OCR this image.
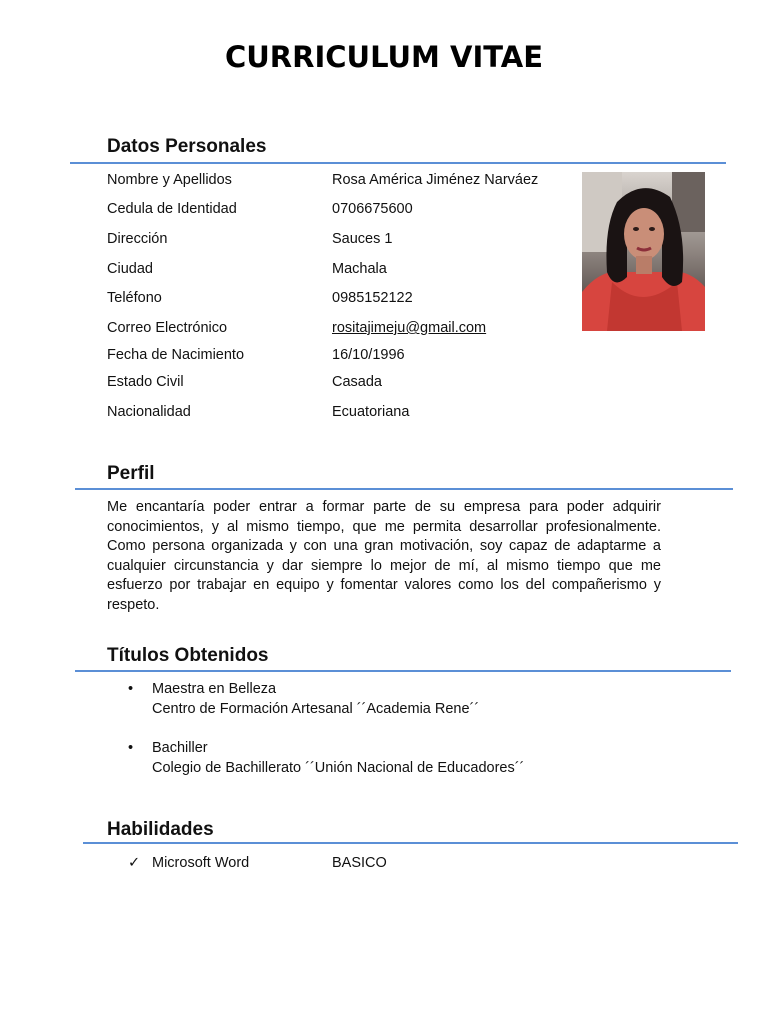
CURRICULUM VITAE
Datos Personales
Nombre y Apellidos	Rosa América Jiménez Narváez
Cedula de Identidad	0706675600
Dirección	Sauces 1
Ciudad	Machala
Teléfono	0985152122
Correo Electrónico	rositajimeju@gmail.com
Fecha de Nacimiento	16/10/1996
Estado Civil	Casada
Nacionalidad	Ecuatoriana
Perfil
Me encantaría poder entrar a formar parte de su empresa para poder adquirir conocimientos, y al mismo tiempo, que me permita desarrollar profesionalmente. Como persona organizada y con una gran motivación, soy capaz de adaptarme a cualquier circunstancia y dar siempre lo mejor de mí, al mismo tiempo que me esfuerzo por trabajar en equipo y fomentar valores como los del compañerismo y respeto.
Títulos Obtenidos
• Maestra en Belleza
Centro de Formación Artesanal ´´Academia Rene´´
• Bachiller
Colegio de Bachillerato ´´Unión Nacional de Educadores´´
Habilidades
✓ Microsoft Word	BASICO
